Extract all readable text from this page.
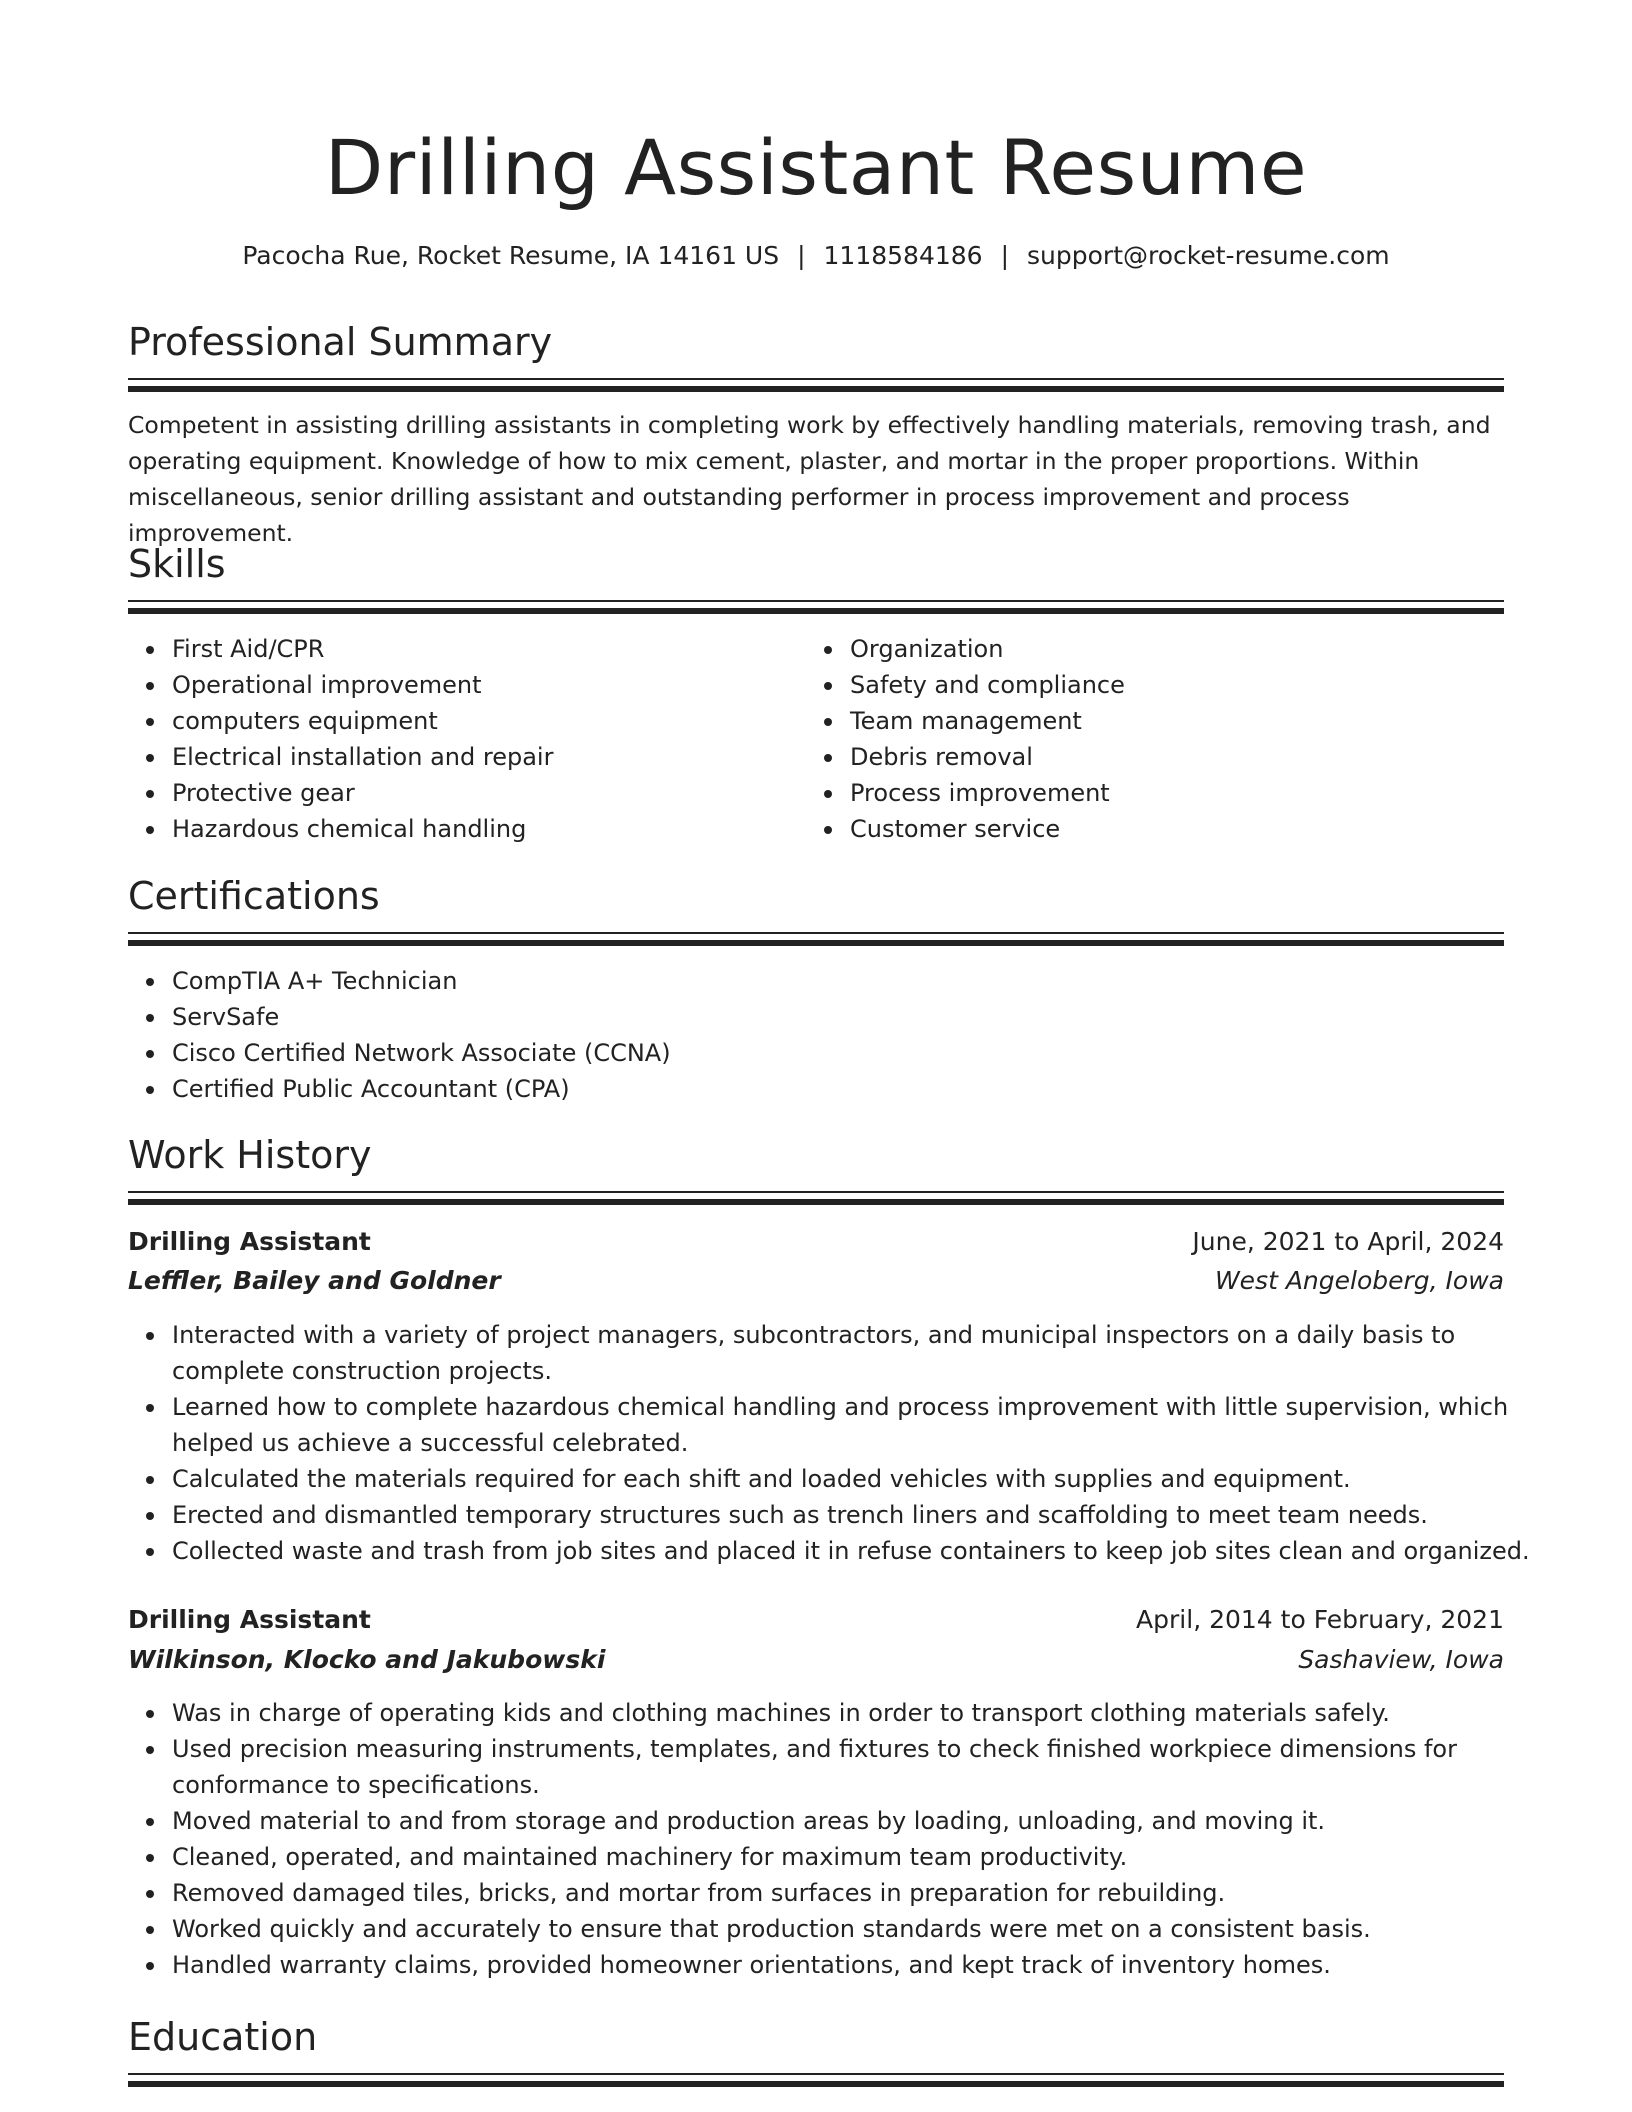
Drilling Assistant Resume
Pacocha Rue, Rocket Resume, IA 14161 US | 1118584186 | support@rocket-resume.com
Professional Summary
Competent in assisting drilling assistants in completing work by effectively handling materials, removing trash, and operating equipment. Knowledge of how to mix cement, plaster, and mortar in the proper proportions. Within miscellaneous, senior drilling assistant and outstanding performer in process improvement and process improvement.
Skills
First Aid/CPR
Operational improvement
computers equipment
Electrical installation and repair
Protective gear
Hazardous chemical handling
Organization
Safety and compliance
Team management
Debris removal
Process improvement
Customer service
Certifications
CompTIA A+ Technician
ServSafe
Cisco Certified Network Associate (CCNA)
Certified Public Accountant (CPA)
Work History
Drilling Assistant	June, 2021 to April, 2024
Leffler, Bailey and Goldner	West Angeloberg, Iowa
Interacted with a variety of project managers, subcontractors, and municipal inspectors on a daily basis to complete construction projects.
Learned how to complete hazardous chemical handling and process improvement with little supervision, which helped us achieve a successful celebrated.
Calculated the materials required for each shift and loaded vehicles with supplies and equipment.
Erected and dismantled temporary structures such as trench liners and scaffolding to meet team needs.
Collected waste and trash from job sites and placed it in refuse containers to keep job sites clean and organized.
Drilling Assistant	April, 2014 to February, 2021
Wilkinson, Klocko and Jakubowski	Sashaview, Iowa
Was in charge of operating kids and clothing machines in order to transport clothing materials safely.
Used precision measuring instruments, templates, and fixtures to check finished workpiece dimensions for conformance to specifications.
Moved material to and from storage and production areas by loading, unloading, and moving it.
Cleaned, operated, and maintained machinery for maximum team productivity.
Removed damaged tiles, bricks, and mortar from surfaces in preparation for rebuilding.
Worked quickly and accurately to ensure that production standards were met on a consistent basis.
Handled warranty claims, provided homeowner orientations, and kept track of inventory homes.
Education
